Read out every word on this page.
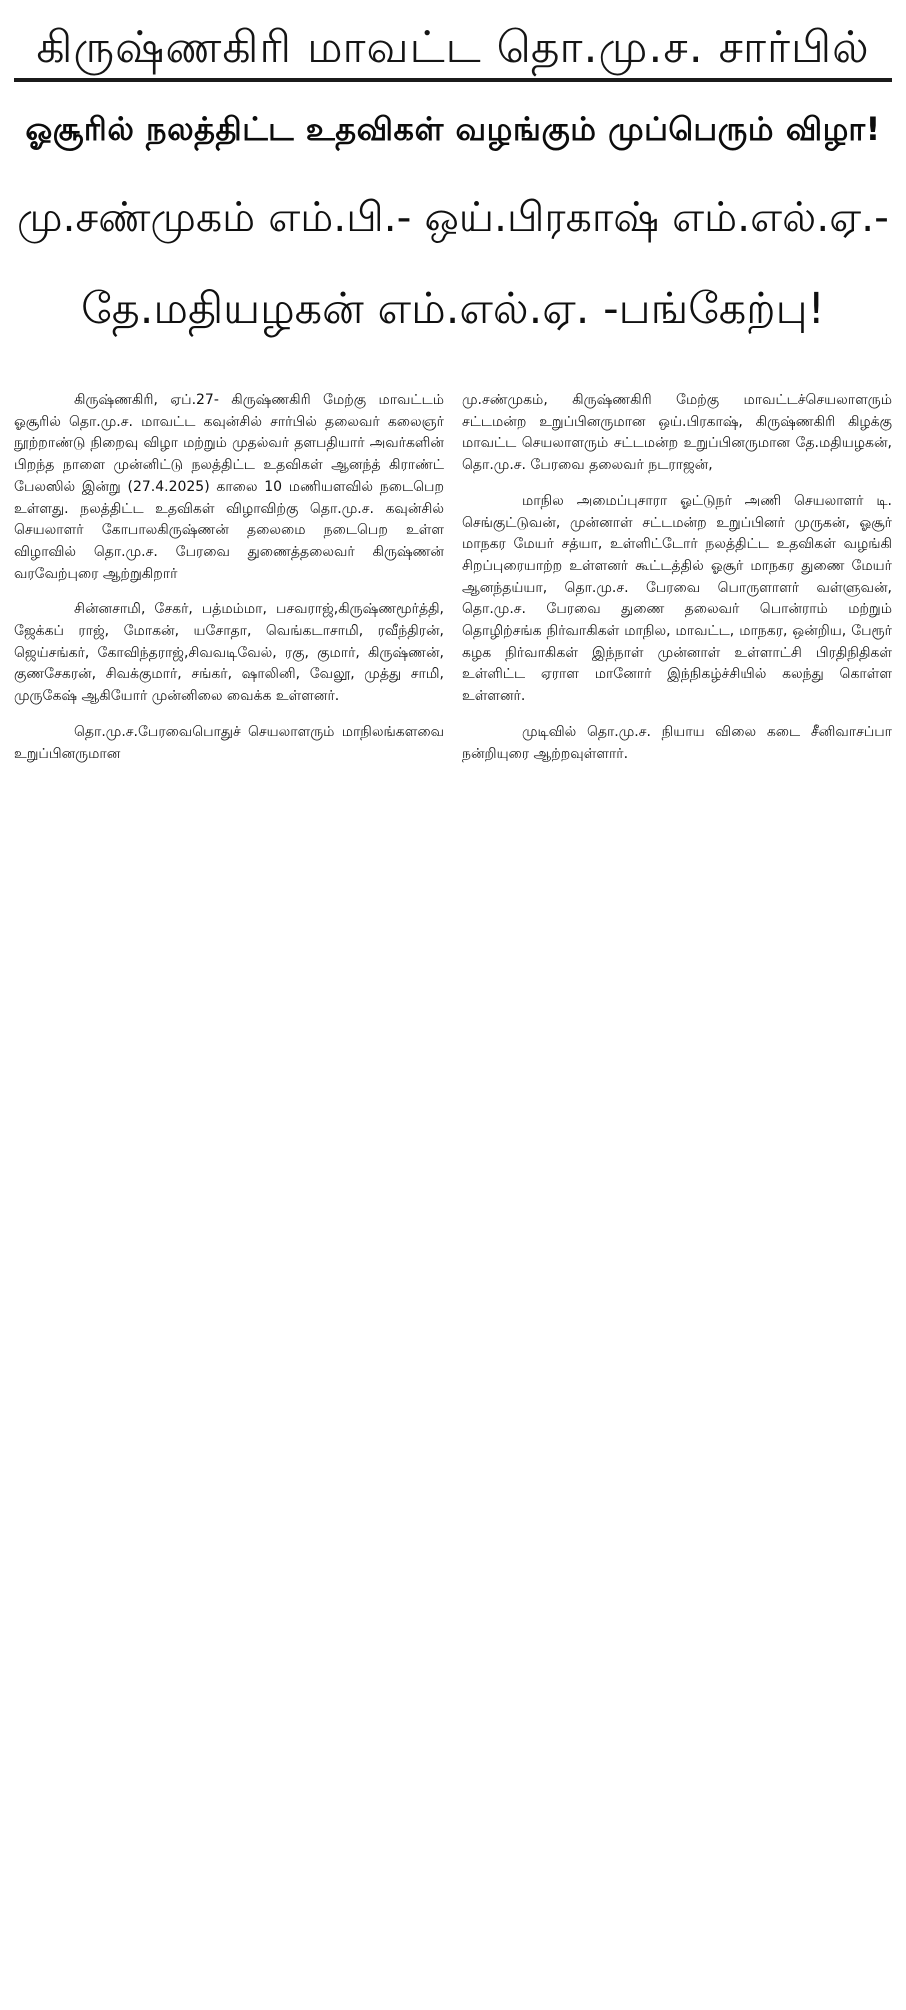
கிருஷ்ணகிரி மாவட்ட தொ.மு.ச. சார்பில்
ஓசூரில் நலத்திட்ட உதவிகள் வழங்கும் முப்பெரும் விழா!
மு.சண்முகம் எம்.பி.- ஒய்.பிரகாஷ் எம்.எல்.ஏ.-
தே.மதியழகன் எம்.எல்.ஏ. -பங்கேற்பு!

கிருஷ்ணகிரி, ஏப்.27- கிருஷ்ணகிரி மேற்கு மாவட்டம் ஓசூரில் தொ.மு.ச. மாவட்ட கவுன்சில் சார்பில் தலைவர் கலைஞர் நூற்றாண்டு நிறைவு விழா மற்றும் முதல்வர் தளபதியார் அவர்களின் பிறந்த நாளை முன்னிட்டு நலத்திட்ட உதவிகள் ஆனந்த் கிராண்ட் பேலஸில் இன்று (27.4.2025) காலை 10 மணியளவில் நடைபெற உள்ளது. நலத்திட்ட உதவிகள் விழாவிற்கு தொ.மு.ச. கவுன்சில் செயலாளர் கோபாலகிருஷ்ணன் தலைமை நடைபெற உள்ள விழாவில் தொ.மு.ச. பேரவை துணைத்தலைவர் கிருஷ்ணன் வரவேற்புரை ஆற்றுகிறார்

சின்னசாமி, சேகர், பத்மம்மா, பசவராஜ்,கிருஷ்ணமூர்த்தி, ஜேக்கப் ராஜ், மோகன், யசோதா, வெங்கடாசாமி, ரவீந்திரன், ஜெய்சங்கர், கோவிந்தராஜ்,சிவவடிவேல், ரகு, குமார், கிருஷ்ணன், குணசேகரன், சிவக்குமார், சங்கர், ஷாலினி, வேலூ, முத்து சாமி, முருகேஷ் ஆகியோர் முன்னிலை வைக்க உள்ளனர்.

தொ.மு.ச.பேரவைபொதுச் செயலாளரும் மாநிலங்களவை உறுப்பினருமான

மு.சண்முகம், கிருஷ்ணகிரி மேற்கு மாவட்டச்செயலாளரும் சட்டமன்ற உறுப்பினருமான ஒய்.பிரகாஷ், கிருஷ்ணகிரி கிழக்கு மாவட்ட செயலாளரும் சட்டமன்ற உறுப்பினருமான தே.மதியழகன், தொ.மு.ச. பேரவை தலைவர் நடராஜன்,

மாநில அமைப்புசாரா ஓட்டுநர் அணி செயலாளர் டி. செங்குட்டுவன், முன்னாள் சட்டமன்ற உறுப்பினர் முருகன், ஓசூர் மாநகர மேயர் சத்யா, உள்ளிட்டோர் நலத்திட்ட உதவிகள் வழங்கி சிறப்புரையாற்ற உள்ளனர் கூட்டத்தில் ஓசூர் மாநகர துணை மேயர் ஆனந்தய்யா, தொ.மு.ச. பேரவை பொருளாளர் வள்ளுவன், தொ.மு.ச. பேரவை துணை தலைவர் பொன்ராம் மற்றும் தொழிற்சங்க நிர்வாகிகள் மாநில, மாவட்ட, மாநகர, ஒன்றிய, பேரூர் கழக நிர்வாகிகள் இந்நாள் முன்னாள் உள்ளாட்சி பிரதிநிதிகள் உள்ளிட்ட ஏராள மானோர் இந்நிகழ்ச்சியில் கலந்து கொள்ள உள்ளனர்.

முடிவில் தொ.மு.ச. நியாய விலை கடை சீனிவாசப்பா நன்றியுரை ஆற்றவுள்ளார்.
